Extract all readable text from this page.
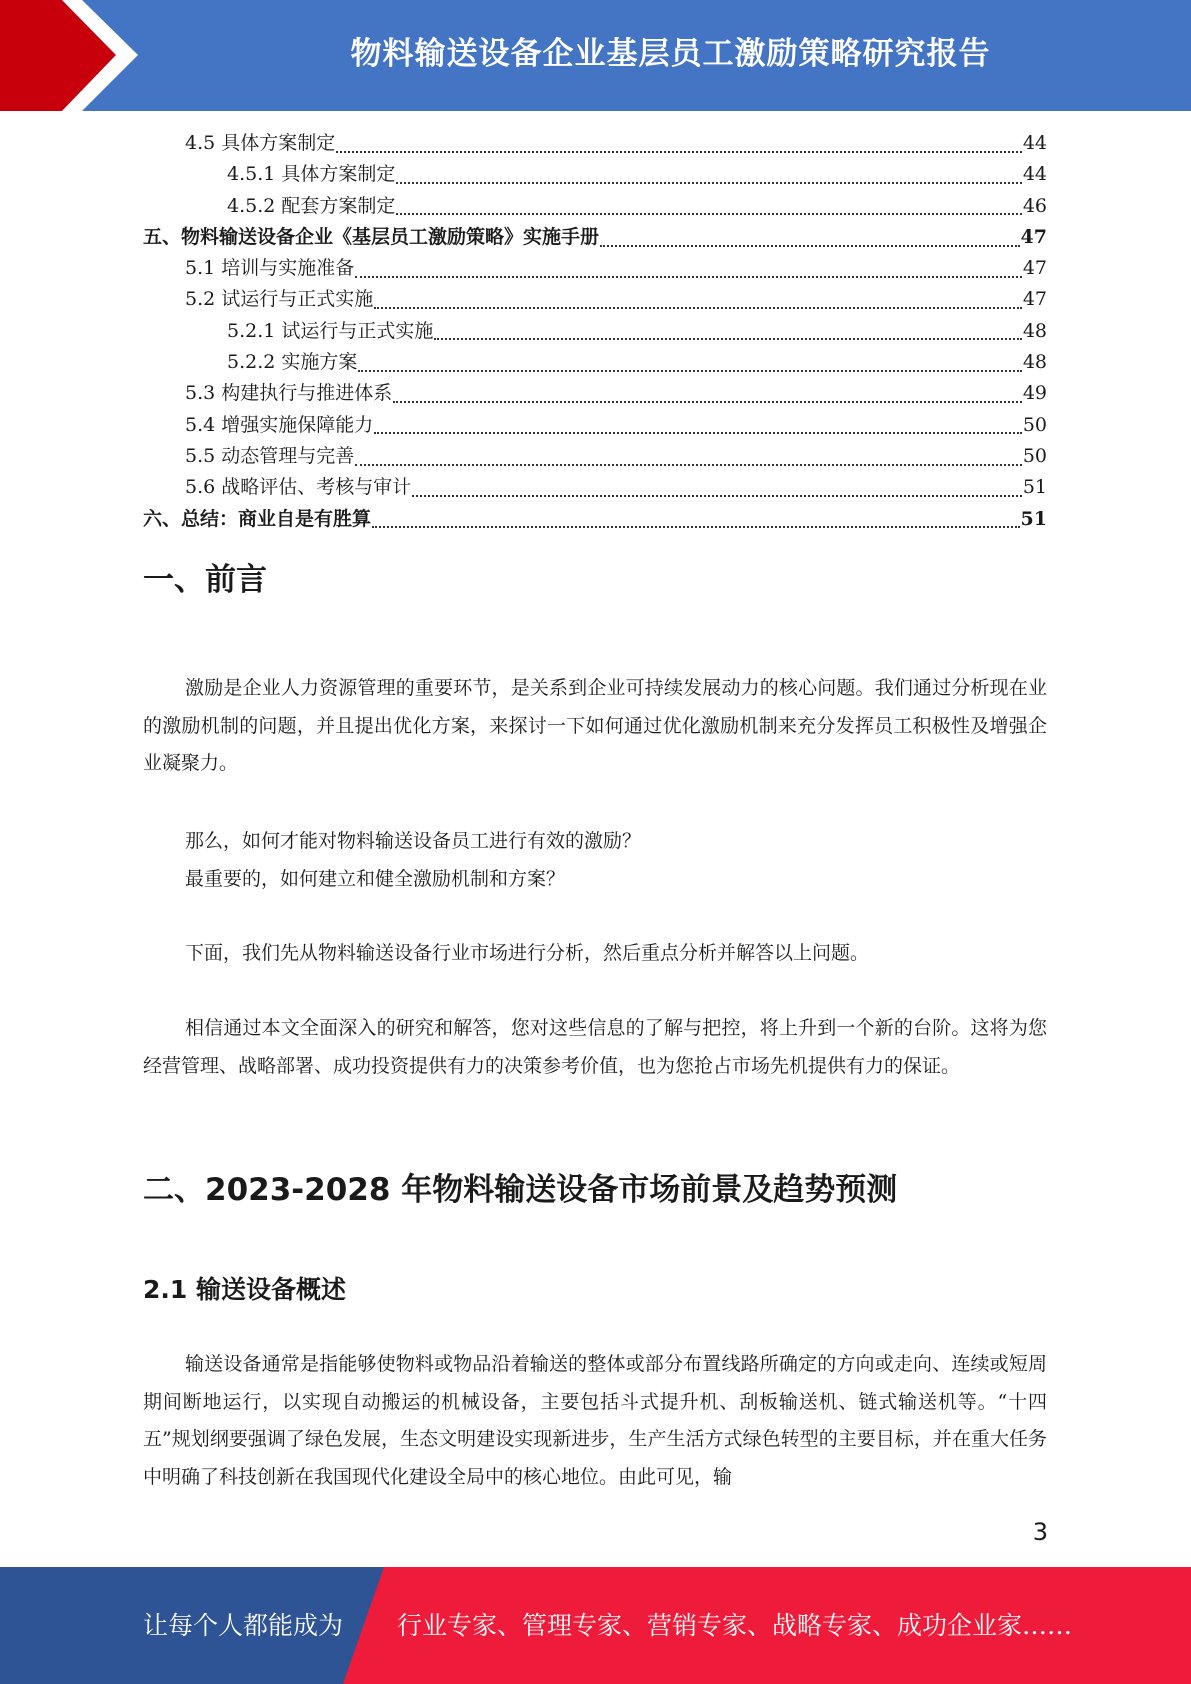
物料输送设备企业基层员工激励策略研究报告
4.5 具体方案制定	44
4.5.1 具体方案制定	44
4.5.2 配套方案制定	46
五、物料输送设备企业《基层员工激励策略》实施手册	47
5.1 培训与实施准备	47
5.2 试运行与正式实施	47
5.2.1 试运行与正式实施	48
5.2.2 实施方案	48
5.3 构建执行与推进体系	49
5.4 增强实施保障能力	50
5.5 动态管理与完善	50
5.6 战略评估、考核与审计	51
六、总结：商业自是有胜算	51
一、前言

激励是企业人力资源管理的重要环节，是关系到企业可持续发展动力的核心问题。我们通过分析现在业的激励机制的问题，并且提出优化方案，来探讨一下如何通过优化激励机制来充分发挥员工积极性及增强企业凝聚力。

那么，如何才能对物料输送设备员工进行有效的激励？

最重要的，如何建立和健全激励机制和方案？

下面，我们先从物料输送设备行业市场进行分析，然后重点分析并解答以上问题。

相信通过本文全面深入的研究和解答，您对这些信息的了解与把控，将上升到一个新的台阶。这将为您经营管理、战略部署、成功投资提供有力的决策参考价值，也为您抢占市场先机提供有力的保证。

二、2023-2028 年物料输送设备市场前景及趋势预测
2.1 输送设备概述

输送设备通常是指能够使物料或物品沿着输送的整体或部分布置线路所确定的方向或走向、连续或短周期间断地运行，以实现自动搬运的机械设备，主要包括斗式提升机、刮板输送机、链式输送机等。“十四五”规划纲要强调了绿色发展，生态文明建设实现新进步，生产生活方式绿色转型的主要目标，并在重大任务中明确了科技创新在我国现代化建设全局中的核心地位。由此可见，输

3
让每个人都能成为 行业专家、管理专家、营销专家、战略专家、成功企业家……
